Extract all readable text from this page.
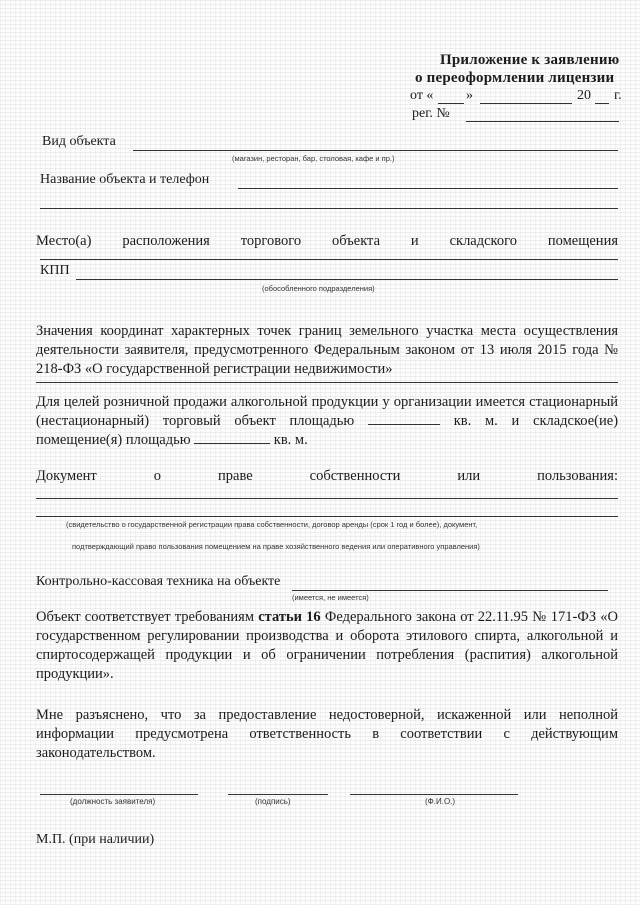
Приложение к заявлению
о переоформлении лицензии
от « »	20 г.
рег. №
Вид объекта
(магазин, ресторан, бар, столовая, кафе и пр.)
Название объекта и телефон
Место(а) расположения торгового объекта и складского помещения
КПП
(обособленного подразделения)
Значения координат характерных точек границ земельного участка места осуществления деятельности заявителя, предусмотренного Федеральным законом от 13 июля 2015 года № 218-ФЗ «О государственной регистрации недвижимости»
Для целей розничной продажи алкогольной продукции у организации имеется стационарный (нестационарный) торговый объект площадью	кв. м. и складское(ие) помещение(я) площадью	кв. м.
Документ о праве собственности или пользования:
(свидетельство о государственной регистрации права собственности, договор аренды (срок 1 год и более), документ,
подтверждающий право пользования помещением на праве хозяйственного ведения или оперативного управления)
Контрольно-кассовая техника на объекте
(имеется, не имеется)
Объект соответствует требованиям статьи 16 Федерального закона от 22.11.95 № 171-ФЗ «О государственном регулировании производства и оборота этилового спирта, алкогольной и спиртосодержащей продукции и об ограничении потребления (распития) алкогольной продукции».
Мне разъяснено, что за предоставление недостоверной, искаженной или неполной информации предусмотрена ответственность в соответствии с действующим законодательством.
(должность заявителя)	(подпись)	(Ф.И.О.)
М.П. (при наличии)
